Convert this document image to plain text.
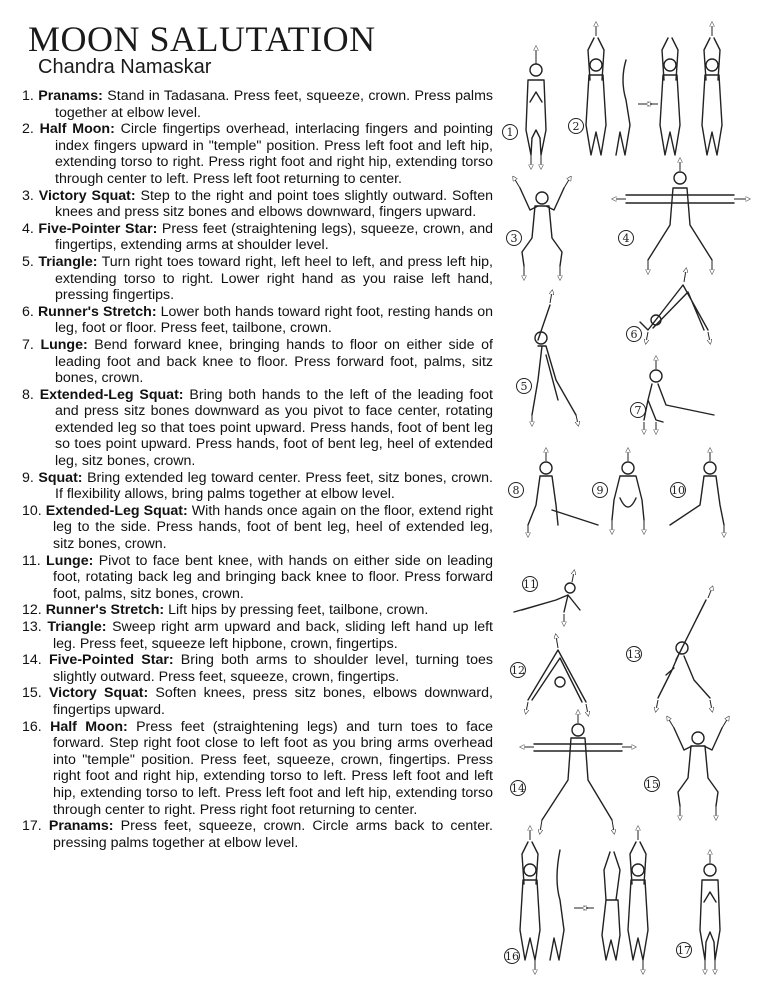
MOON SALUTATION
Chandra Namaskar
1. Pranams: Stand in Tadasana. Press feet, squeeze, crown. Press palms together at elbow level.
2. Half Moon: Circle fingertips overhead, interlacing fingers and pointing index fingers upward in "temple" position. Press left foot and left hip, extending torso to right. Press right foot and right hip, extending torso through center to left. Press left foot returning to center.
3. Victory Squat: Step to the right and point toes slightly outward. Soften knees and press sitz bones and elbows downward, fingers upward.
4. Five-Pointer Star: Press feet (straightening legs), squeeze, crown, and fingertips, extending arms at shoulder level.
5. Triangle: Turn right toes toward right, left heel to left, and press left hip, extending torso to right. Lower right hand as you raise left hand, pressing fingertips.
6. Runner's Stretch: Lower both hands toward right foot, resting hands on leg, foot or floor. Press feet, tailbone, crown.
7. Lunge: Bend forward knee, bringing hands to floor on either side of leading foot and back knee to floor. Press forward foot, palms, sitz bones, crown.
8. Extended-Leg Squat: Bring both hands to the left of the leading foot and press sitz bones downward as you pivot to face center, rotating extended leg so that toes point upward. Press hands, foot of bent leg so toes point upward. Press hands, foot of bent leg, heel of extended leg, sitz bones, crown.
9. Squat: Bring extended leg toward center. Press feet, sitz bones, crown. If flexibility allows, bring palms together at elbow level.
10. Extended-Leg Squat: With hands once again on the floor, extend right leg to the side. Press hands, foot of bent leg, heel of extended leg, sitz bones, crown.
11. Lunge: Pivot to face bent knee, with hands on either side on leading foot, rotating back leg and bringing back knee to floor. Press forward foot, palms, sitz bones, crown.
12. Runner's Stretch: Lift hips by pressing feet, tailbone, crown.
13. Triangle: Sweep right arm upward and back, sliding left hand up left leg. Press feet, squeeze left hipbone, crown, fingertips.
14. Five-Pointed Star: Bring both arms to shoulder level, turning toes slightly outward. Press feet, squeeze, crown, fingertips.
15. Victory Squat: Soften knees, press sitz bones, elbows downward, fingertips upward.
16. Half Moon: Press feet (straightening legs) and turn toes to face forward. Step right foot close to left foot as you bring arms overhead into "temple" position. Press feet, squeeze, crown, fingertips. Press right foot and right hip, extending torso to left. Press left foot and left hip, extending torso to left. Press left foot and left hip, extending torso through center to right. Press right foot returning to center.
17. Pranams: Press feet, squeeze, crown. Circle arms back to center. pressing palms together at elbow level.
1	2
3	4
5
6
7
8	9	10
11
12
13
14	15
16	17
